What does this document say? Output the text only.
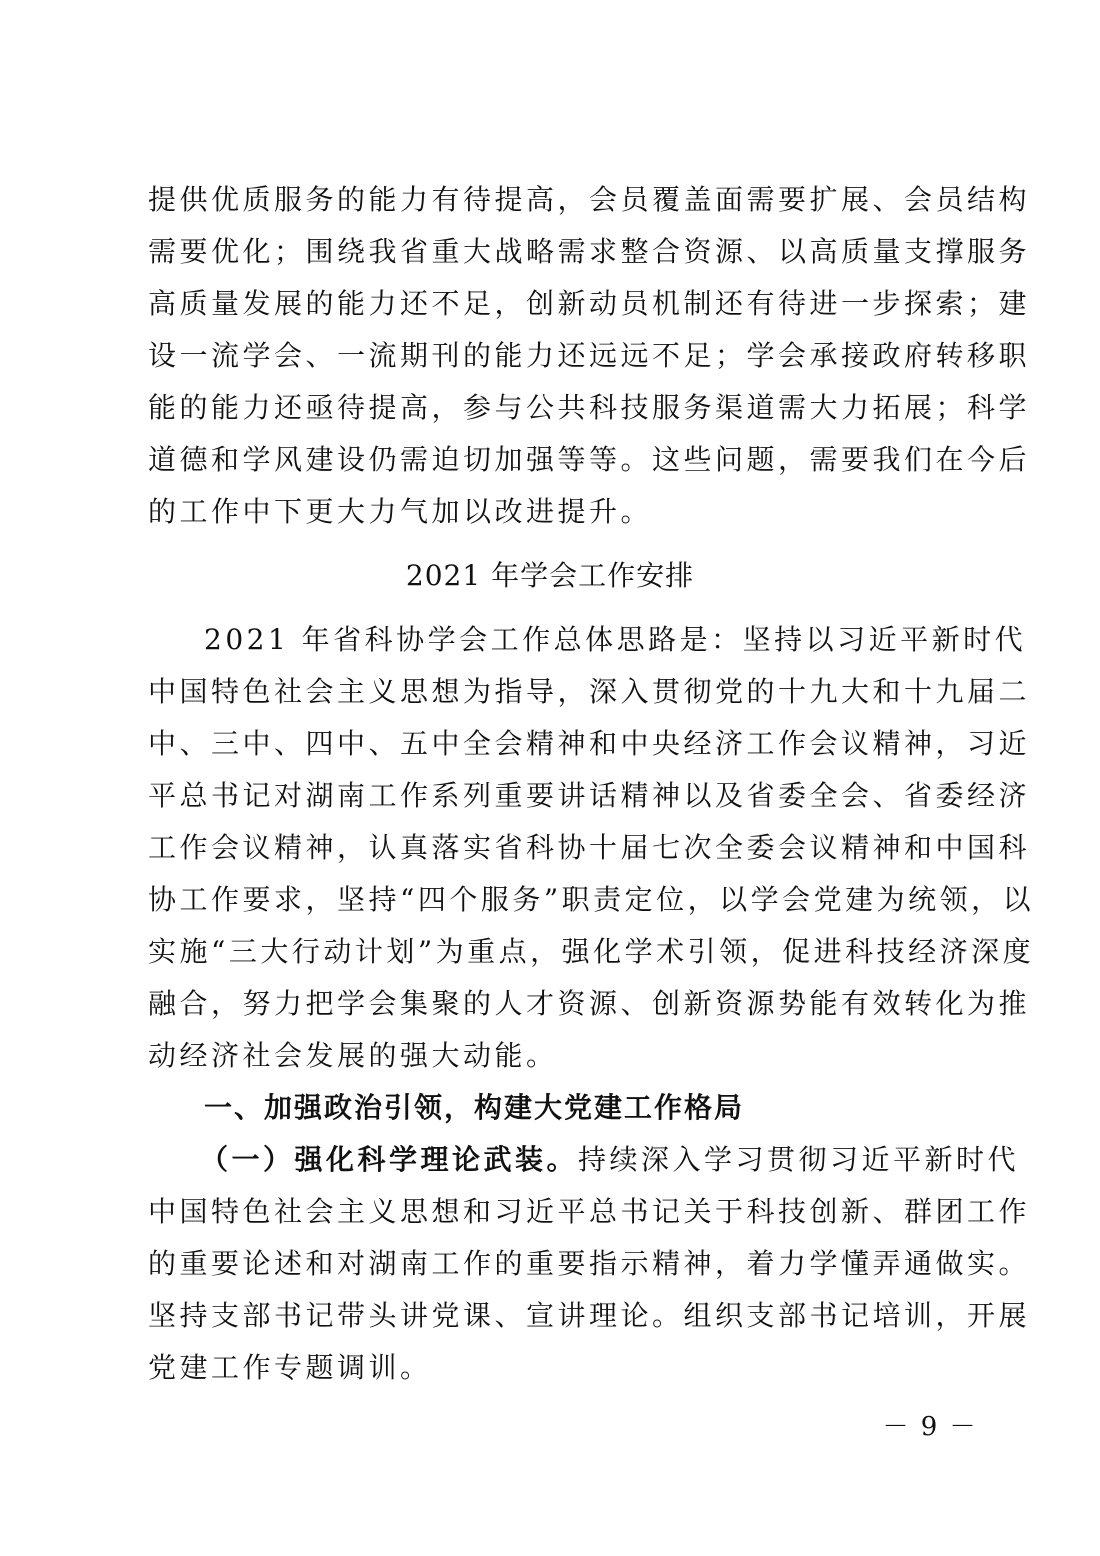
提供优质服务的能力有待提高，会员覆盖面需要扩展、会员结构
需要优化；围绕我省重大战略需求整合资源、以高质量支撑服务
高质量发展的能力还不足，创新动员机制还有待进一步探索；建
设一流学会、一流期刊的能力还远远不足；学会承接政府转移职
能的能力还亟待提高，参与公共科技服务渠道需大力拓展；科学
道德和学风建设仍需迫切加强等等。这些问题，需要我们在今后
的工作中下更大力气加以改进提升。
2021 年学会工作安排
2021 年省科协学会工作总体思路是：坚持以习近平新时代
中国特色社会主义思想为指导，深入贯彻党的十九大和十九届二
中、三中、四中、五中全会精神和中央经济工作会议精神，习近
平总书记对湖南工作系列重要讲话精神以及省委全会、省委经济
工作会议精神，认真落实省科协十届七次全委会议精神和中国科
协工作要求，坚持“四个服务”职责定位，以学会党建为统领，以
实施“三大行动计划”为重点，强化学术引领，促进科技经济深度
融合，努力把学会集聚的人才资源、创新资源势能有效转化为推
动经济社会发展的强大动能。
一、加强政治引领，构建大党建工作格局
（一）强化科学理论武装。 持续深入学习贯彻习近平新时代
中国特色社会主义思想和习近平总书记关于科技创新、群团工作
的重要论述和对湖南工作的重要指示精神，着力学懂弄通做实。
坚持支部书记带头讲党课、宣讲理论。组织支部书记培训，开展
党建工作专题调训。
－ 9 －
